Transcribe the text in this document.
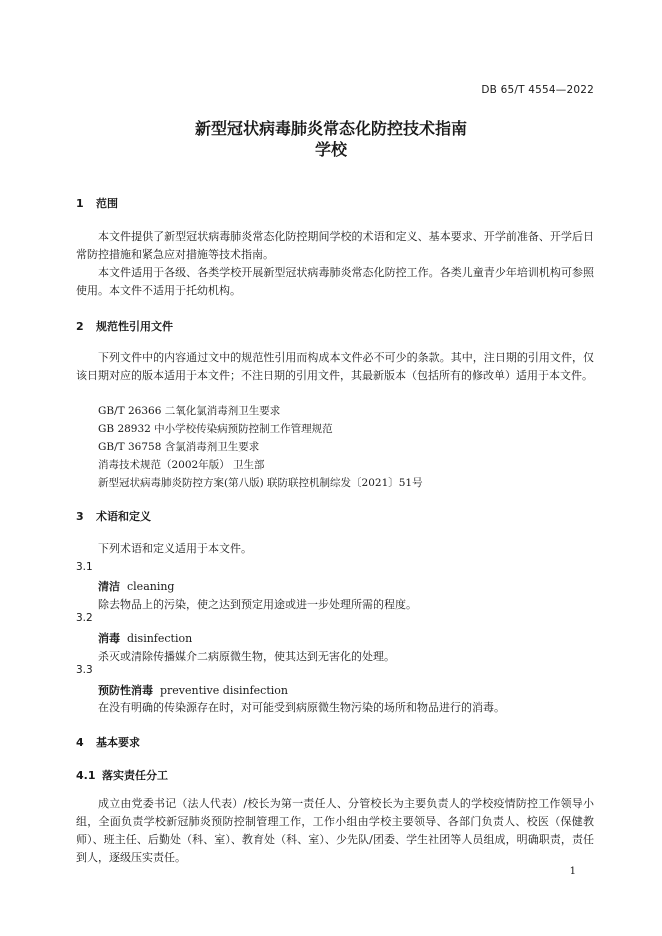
DB 65/T 4554—2022
新型冠状病毒肺炎常态化防控技术指南
学校
1 范围
本文件提供了新型冠状病毒肺炎常态化防控期间学校的术语和定义、基本要求、开学前准备、开学后日常防控措施和紧急应对措施等技术指南。
本文件适用于各级、各类学校开展新型冠状病毒肺炎常态化防控工作。各类儿童青少年培训机构可参照使用。本文件不适用于托幼机构。
2 规范性引用文件
下列文件中的内容通过文中的规范性引用而构成本文件必不可少的条款。其中，注日期的引用文件，仅该日期对应的版本适用于本文件；不注日期的引用文件，其最新版本（包括所有的修改单）适用于本文件。
GB/T 26366 二氧化氯消毒剂卫生要求
GB 28932 中小学校传染病预防控制工作管理规范
GB/T 36758 含氯消毒剂卫生要求
消毒技术规范（2002年版） 卫生部
新型冠状病毒肺炎防控方案(第八版) 联防联控机制综发〔2021〕51号
3 术语和定义
下列术语和定义适用于本文件。
3.1
清洁 cleaning
除去物品上的污染，使之达到预定用途或进一步处理所需的程度。
3.2
消毒 disinfection
杀灭或清除传播媒介二病原微生物，使其达到无害化的处理。
3.3
预防性消毒 preventive disinfection
在没有明确的传染源存在时，对可能受到病原微生物污染的场所和物品进行的消毒。
4 基本要求
4.1 落实责任分工
成立由党委书记（法人代表）/校长为第一责任人、分管校长为主要负责人的学校疫情防控工作领导小组，全面负责学校新冠肺炎预防控制管理工作，工作小组由学校主要领导、各部门负责人、校医（保健教师）、班主任、后勤处（科、室）、教育处（科、室）、少先队/团委、学生社团等人员组成，明确职责，责任到人，逐级压实责任。
1
